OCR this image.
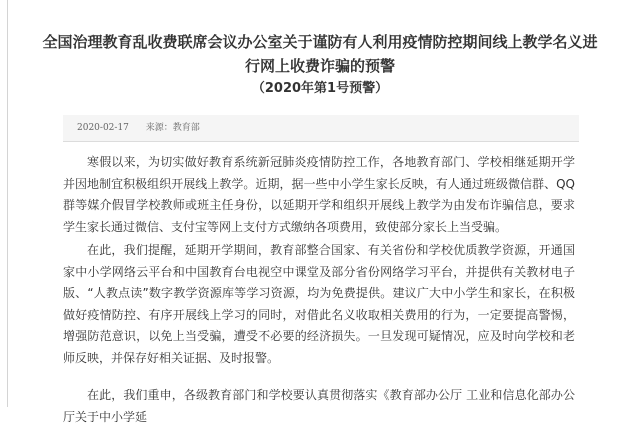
全国治理教育乱收费联席会议办公室关于谨防有人利用疫情防控期间线上教学名义进行网上收费诈骗的预警
（2020年第1号预警）
2020-02-17 来源：教育部

寒假以来，为切实做好教育系统新冠肺炎疫情防控工作，各地教育部门、学校相继延期开学并因地制宜积极组织开展线上教学。近期，据一些中小学生家长反映，有人通过班级微信群、QQ群等媒介假冒学校教师或班主任身份，以延期开学和组织开展线上教学为由发布诈骗信息，要求学生家长通过微信、支付宝等网上支付方式缴纳各项费用，致使部分家长上当受骗。

在此，我们提醒，延期开学期间，教育部整合国家、有关省份和学校优质教学资源，开通国家中小学网络云平台和中国教育台电视空中课堂及部分省份网络学习平台，并提供有关教材电子版、“人教点读”数字教学资源库等学习资源，均为免费提供。建议广大中小学生和家长，在积极做好疫情防控、有序开展线上学习的同时，对借此名义收取相关费用的行为，一定要提高警惕，增强防范意识，以免上当受骗，遭受不必要的经济损失。一旦发现可疑情况，应及时向学校和老师反映，并保存好相关证据、及时报警。

在此，我们重申，各级教育部门和学校要认真贯彻落实《教育部办公厅 工业和信息化部办公厅关于中小学延
